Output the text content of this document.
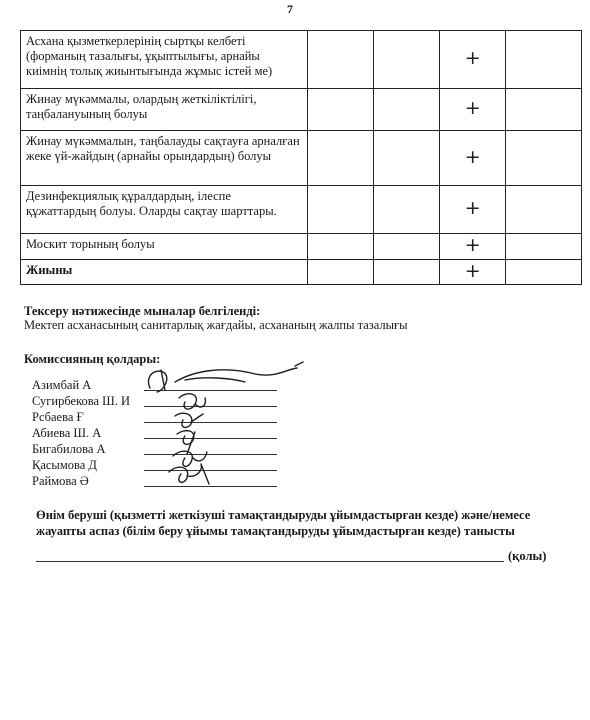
7
Асхана қызметкерлерінің сыртқы келбеті (форманың тазалығы, ұқыптылығы, арнайы киімнің толық жиынтығында жұмыс істей ме)			+	
Жинау мүкәммалы, олардың жеткіліктілігі, таңбалануының болуы			+	
Жинау мүкәммалын, таңбалауды сақтауға арналған жеке үй-жайдың (арнайы орындардың) болуы			+	
Дезинфекциялық құралдардың, ілеспе құжаттардың болуы. Оларды сақтау шарттары.			+	
Москит торының болуы			+	
Жиыны			+	
Тексеру нәтижесінде мыналар белгіленді:
Мектеп асханасының санитарлық жағдайы, асхананың жалпы тазалығы
Комиссияның қолдары:
Азимбай А
Сугирбекова Ш. И
Рсбаева Ғ
Абиева Ш. А
Бигабилова А
Қасымова Д
Раймова Ә
Өнім беруші (қызметті жеткізуші тамақтандыруды ұйымдастырған кезде) және/немесе жауапты аспаз (білім беру ұйымы тамақтандыруды ұйымдастырған кезде) танысты
(қолы)
